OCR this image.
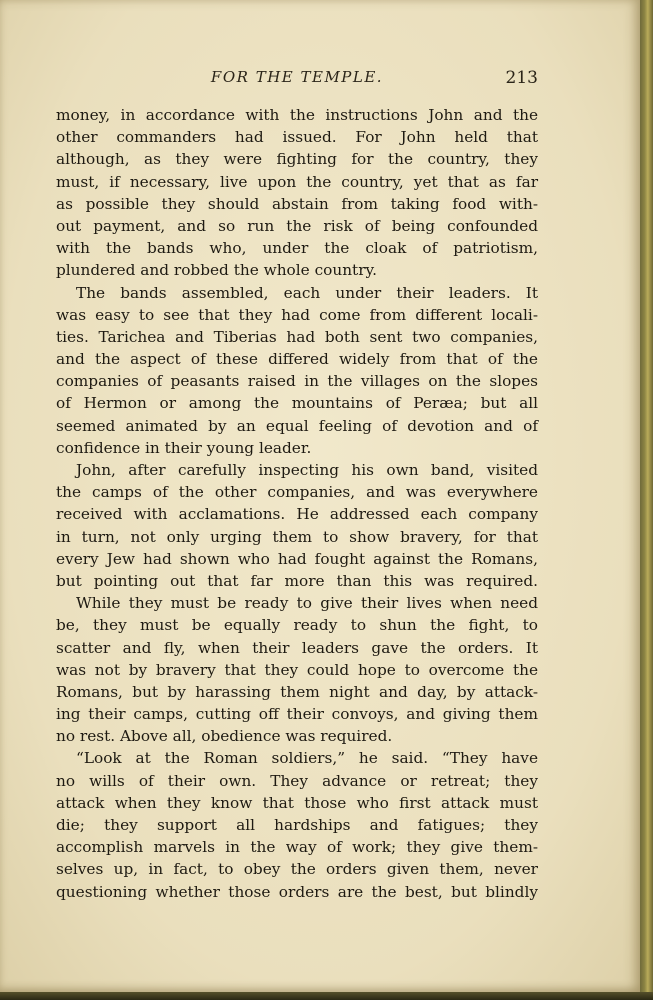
FOR THE TEMPLE.	213
money, in accordance with the instructions John and the
other commanders had issued. For John held that
although, as they were fighting for the country, they
must, if necessary, live upon the country, yet that as far
as possible they should abstain from taking food with-
out payment, and so run the risk of being confounded
with the bands who, under the cloak of patriotism,
plundered and robbed the whole country.
The bands assembled, each under their leaders. It
was easy to see that they had come from different locali-
ties. Tarichea and Tiberias had both sent two companies,
and the aspect of these differed widely from that of the
companies of peasants raised in the villages on the slopes
of Hermon or among the mountains of Peræa; but all
seemed animated by an equal feeling of devotion and of
confidence in their young leader.
John, after carefully inspecting his own band, visited
the camps of the other companies, and was everywhere
received with acclamations. He addressed each company
in turn, not only urging them to show bravery, for that
every Jew had shown who had fought against the Romans,
but pointing out that far more than this was required.
While they must be ready to give their lives when need
be, they must be equally ready to shun the fight, to
scatter and fly, when their leaders gave the orders. It
was not by bravery that they could hope to overcome the
Romans, but by harassing them night and day, by attack-
ing their camps, cutting off their convoys, and giving them
no rest. Above all, obedience was required.
“Look at the Roman soldiers,” he said. “They have
no wills of their own. They advance or retreat; they
attack when they know that those who first attack must
die; they support all hardships and fatigues; they
accomplish marvels in the way of work; they give them-
selves up, in fact, to obey the orders given them, never
questioning whether those orders are the best, but blindly
